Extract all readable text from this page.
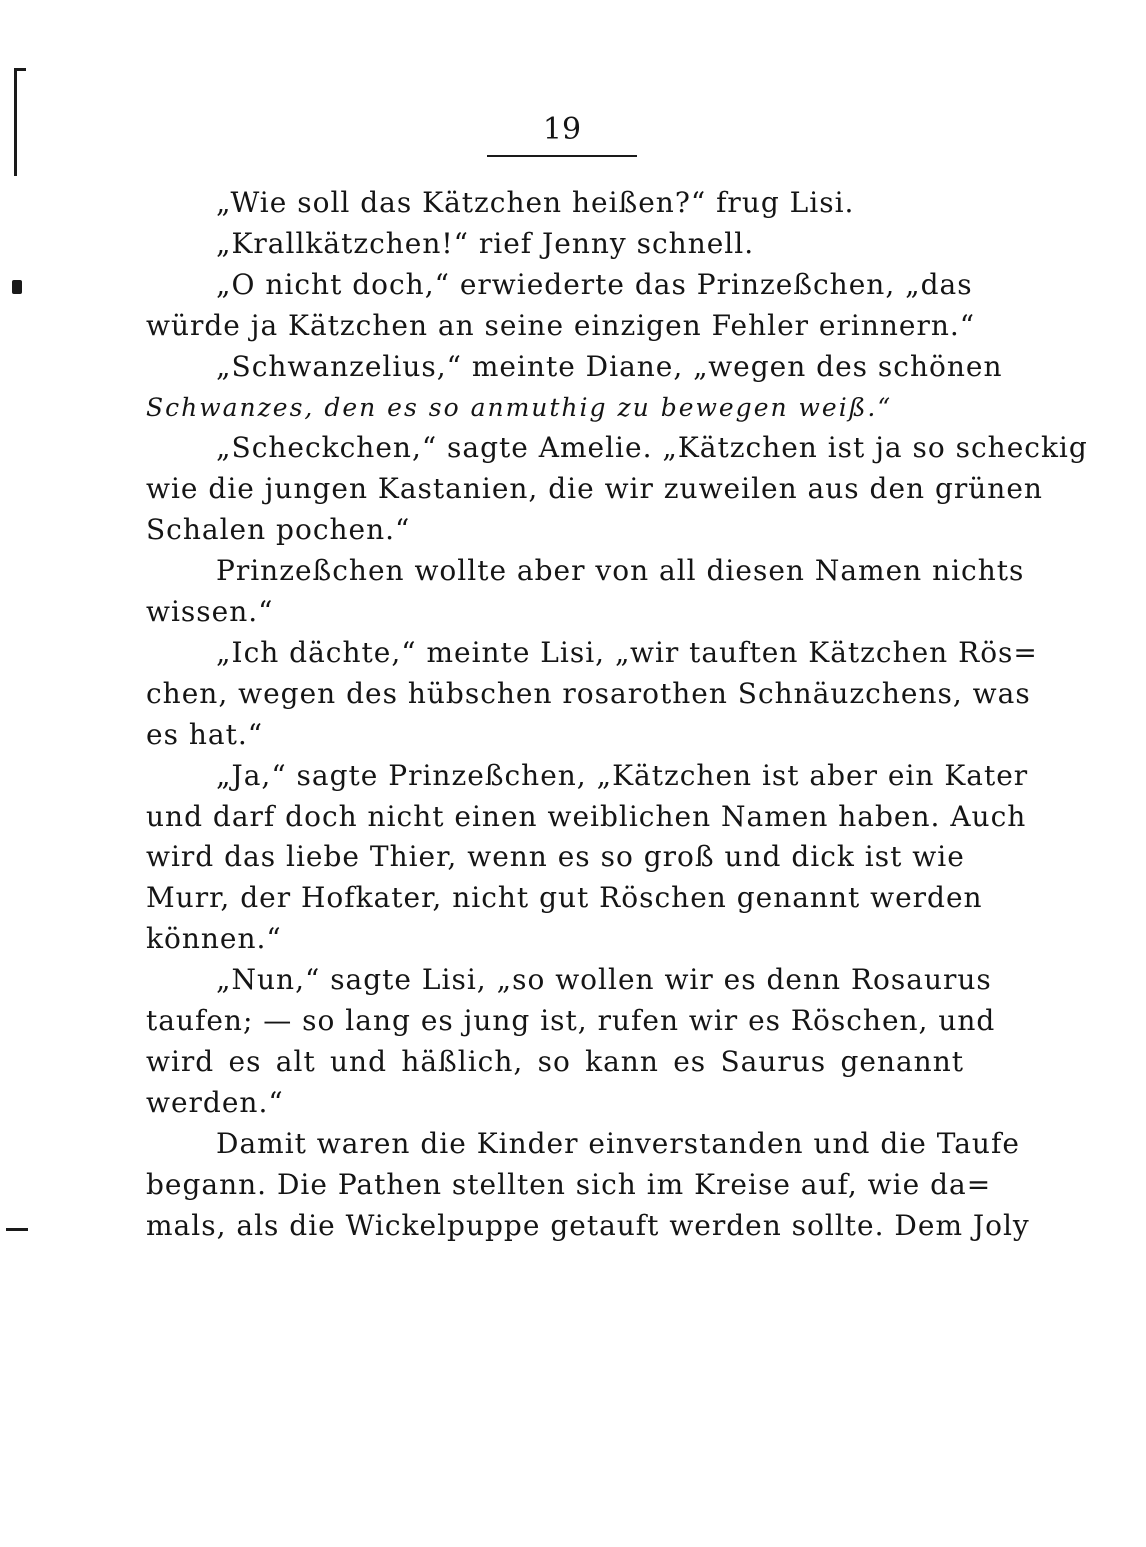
19
„Wie soll das Kätzchen heißen?“ frug Lisi.
„Krallkätzchen!“ rief Jenny schnell.
„O nicht doch,“ erwiederte das Prinzeßchen, „das
würde ja Kätzchen an seine einzigen Fehler erinnern.“
„Schwanzelius,“ meinte Diane, „wegen des schönen
Schwanzes, den es so anmuthig zu bewegen weiß.“
„Scheckchen,“ sagte Amelie. „Kätzchen ist ja so scheckig
wie die jungen Kastanien, die wir zuweilen aus den grünen
Schalen pochen.“
Prinzeßchen wollte aber von all diesen Namen nichts
wissen.“
„Ich dächte,“ meinte Lisi, „wir tauften Kätzchen Rös=
chen, wegen des hübschen rosarothen Schnäuzchens, was
es hat.“
„Ja,“ sagte Prinzeßchen, „Kätzchen ist aber ein Kater
und darf doch nicht einen weiblichen Namen haben. Auch
wird das liebe Thier, wenn es so groß und dick ist wie
Murr, der Hofkater, nicht gut Röschen genannt werden
können.“
„Nun,“ sagte Lisi, „so wollen wir es denn Rosaurus
taufen; — so lang es jung ist, rufen wir es Röschen, und
wird es alt und häßlich, so kann es Saurus genannt
werden.“
Damit waren die Kinder einverstanden und die Taufe
begann. Die Pathen stellten sich im Kreise auf, wie da=
mals, als die Wickelpuppe getauft werden sollte. Dem Joly
